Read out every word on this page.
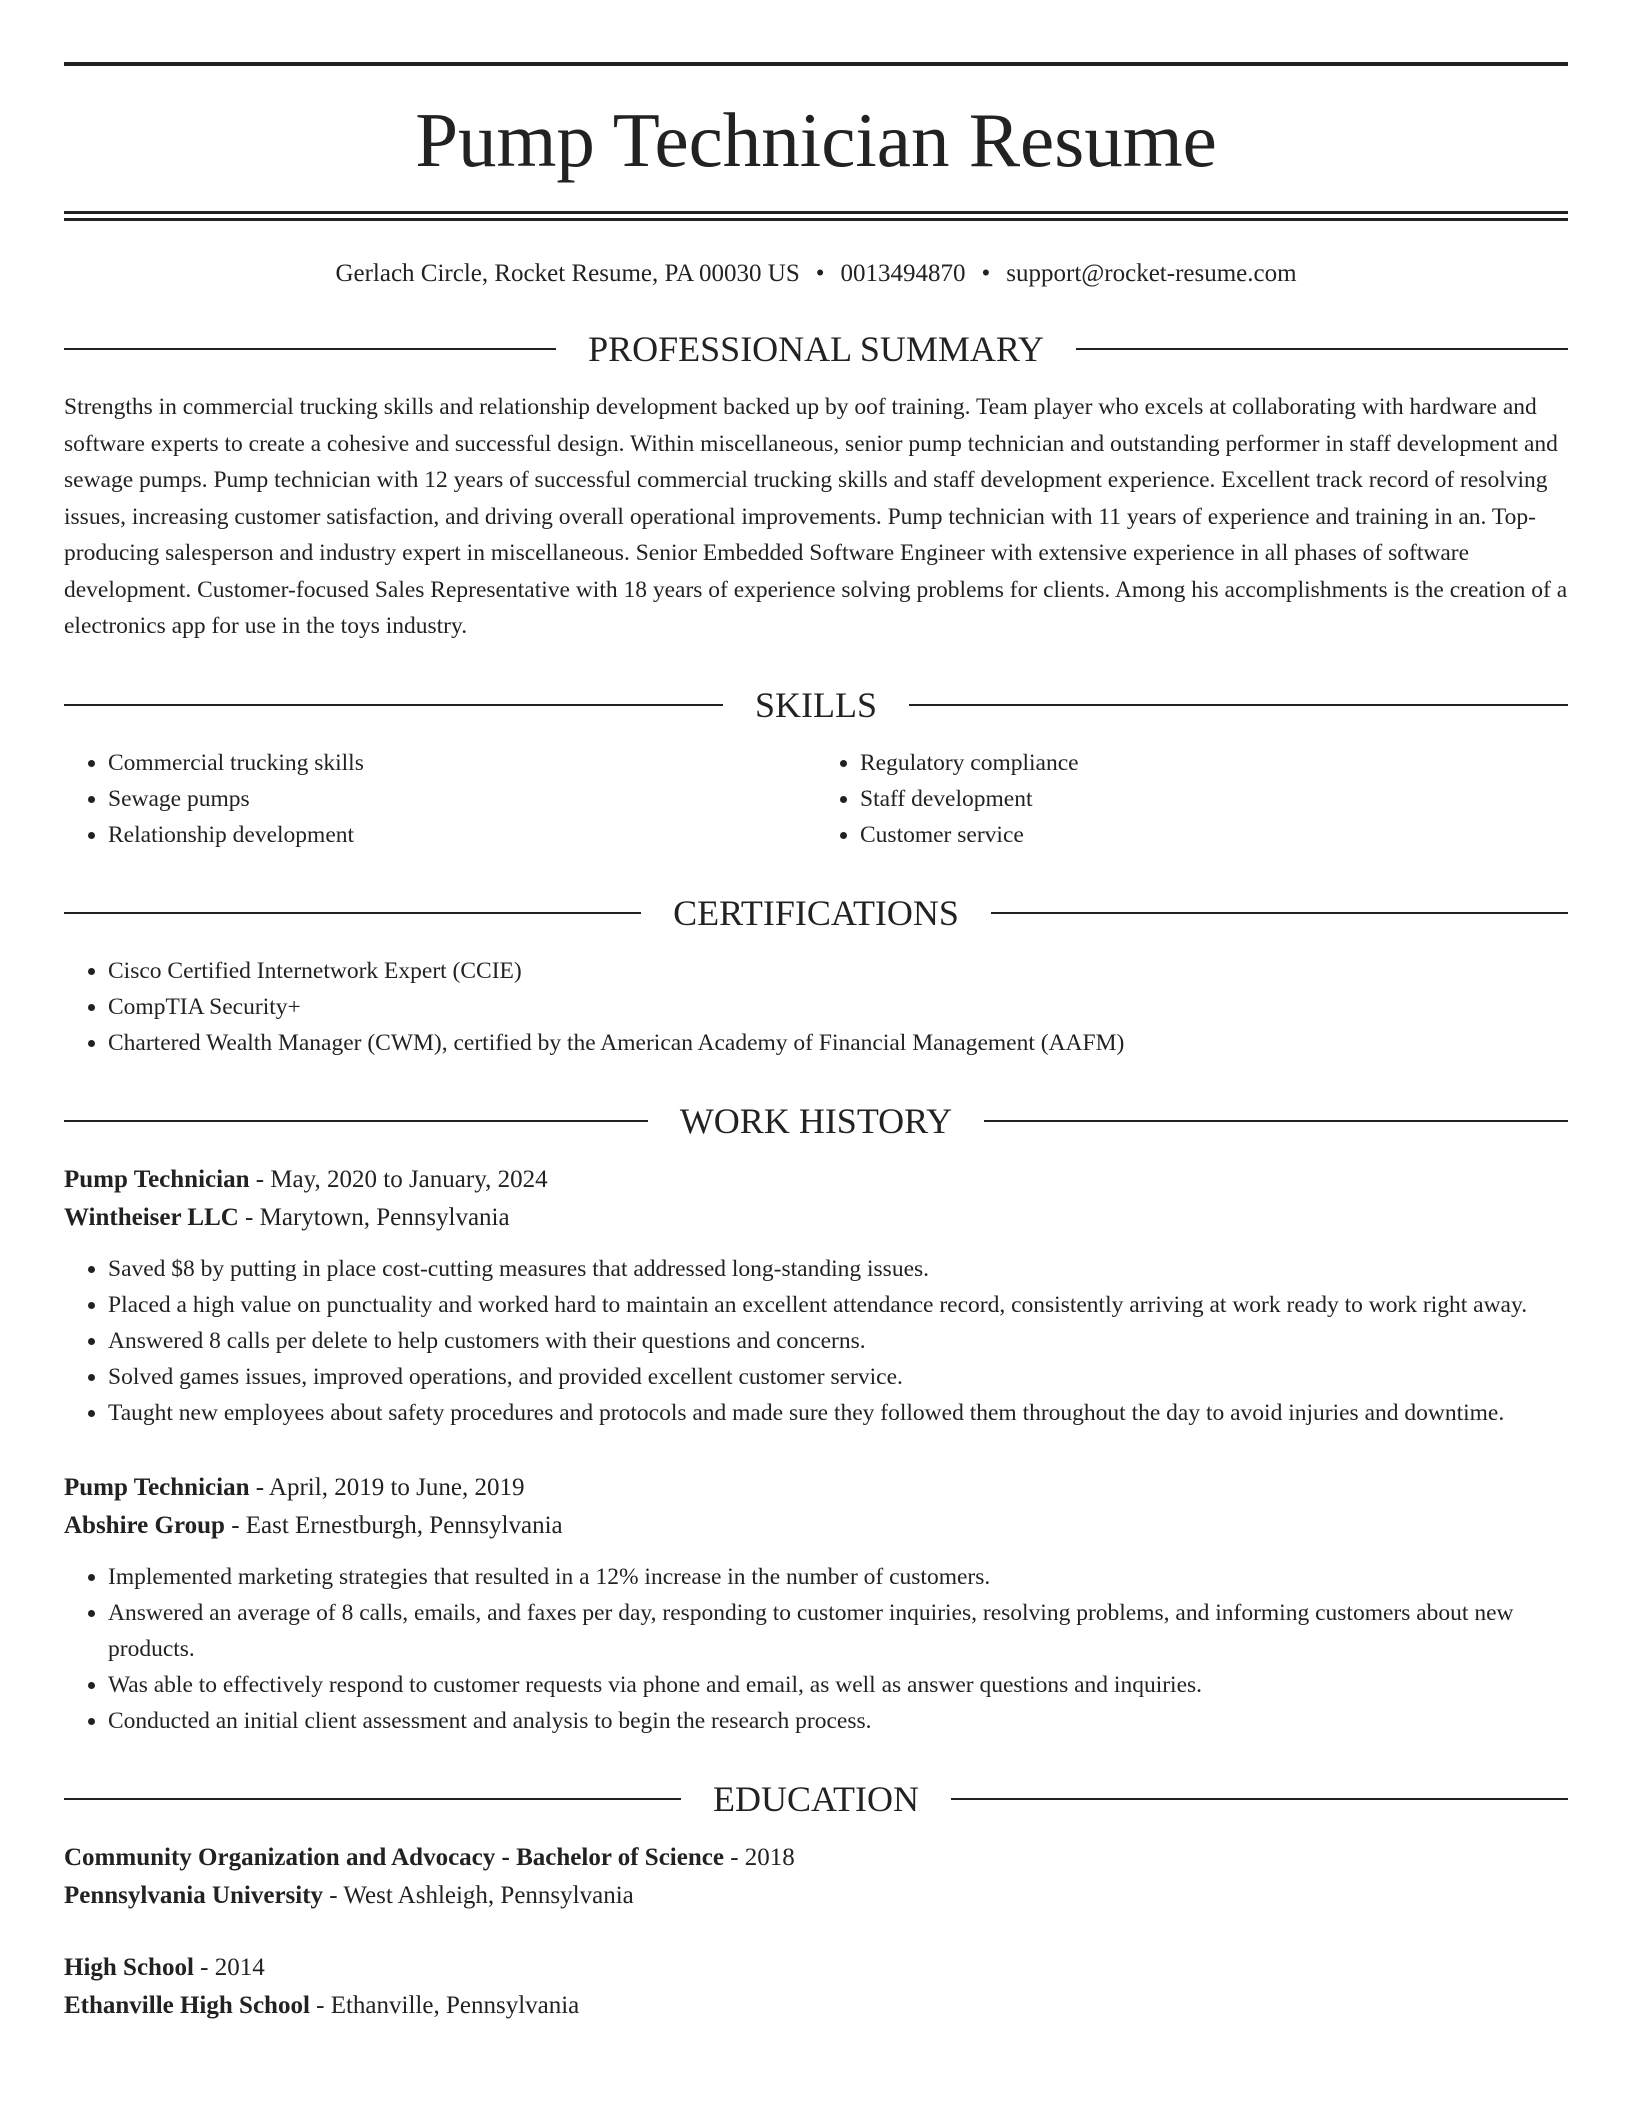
Pump Technician Resume
Gerlach Circle, Rocket Resume, PA 00030 US • 0013494870 • support@rocket-resume.com
PROFESSIONAL SUMMARY

Strengths in commercial trucking skills and relationship development backed up by oof training. Team player who excels at collaborating with hardware and software experts to create a cohesive and successful design. Within miscellaneous, senior pump technician and outstanding performer in staff development and sewage pumps. Pump technician with 12 years of successful commercial trucking skills and staff development experience. Excellent track record of resolving issues, increasing customer satisfaction, and driving overall operational improvements. Pump technician with 11 years of experience and training in an. Top-producing salesperson and industry expert in miscellaneous. Senior Embedded Software Engineer with extensive experience in all phases of software development. Customer-focused Sales Representative with 18 years of experience solving problems for clients. Among his accomplishments is the creation of a electronics app for use in the toys industry.

SKILLS
• Commercial trucking skills
• Sewage pumps
• Relationship development
• Regulatory compliance
• Staff development
• Customer service
CERTIFICATIONS
• Cisco Certified Internetwork Expert (CCIE)
• CompTIA Security+
• Chartered Wealth Manager (CWM), certified by the American Academy of Financial Management (AAFM)
WORK HISTORY
Pump Technician - May, 2020 to January, 2024
Wintheiser LLC - Marytown, Pennsylvania
• Saved $8 by putting in place cost-cutting measures that addressed long-standing issues.
• Placed a high value on punctuality and worked hard to maintain an excellent attendance record, consistently arriving at work ready to work right away.
• Answered 8 calls per delete to help customers with their questions and concerns.
• Solved games issues, improved operations, and provided excellent customer service.
• Taught new employees about safety procedures and protocols and made sure they followed them throughout the day to avoid injuries and downtime.
Pump Technician - April, 2019 to June, 2019
Abshire Group - East Ernestburgh, Pennsylvania
• Implemented marketing strategies that resulted in a 12% increase in the number of customers.
• Answered an average of 8 calls, emails, and faxes per day, responding to customer inquiries, resolving problems, and informing customers about new products.
• Was able to effectively respond to customer requests via phone and email, as well as answer questions and inquiries.
• Conducted an initial client assessment and analysis to begin the research process.
EDUCATION
Community Organization and Advocacy - Bachelor of Science - 2018
Pennsylvania University - West Ashleigh, Pennsylvania
High School - 2014
Ethanville High School - Ethanville, Pennsylvania
